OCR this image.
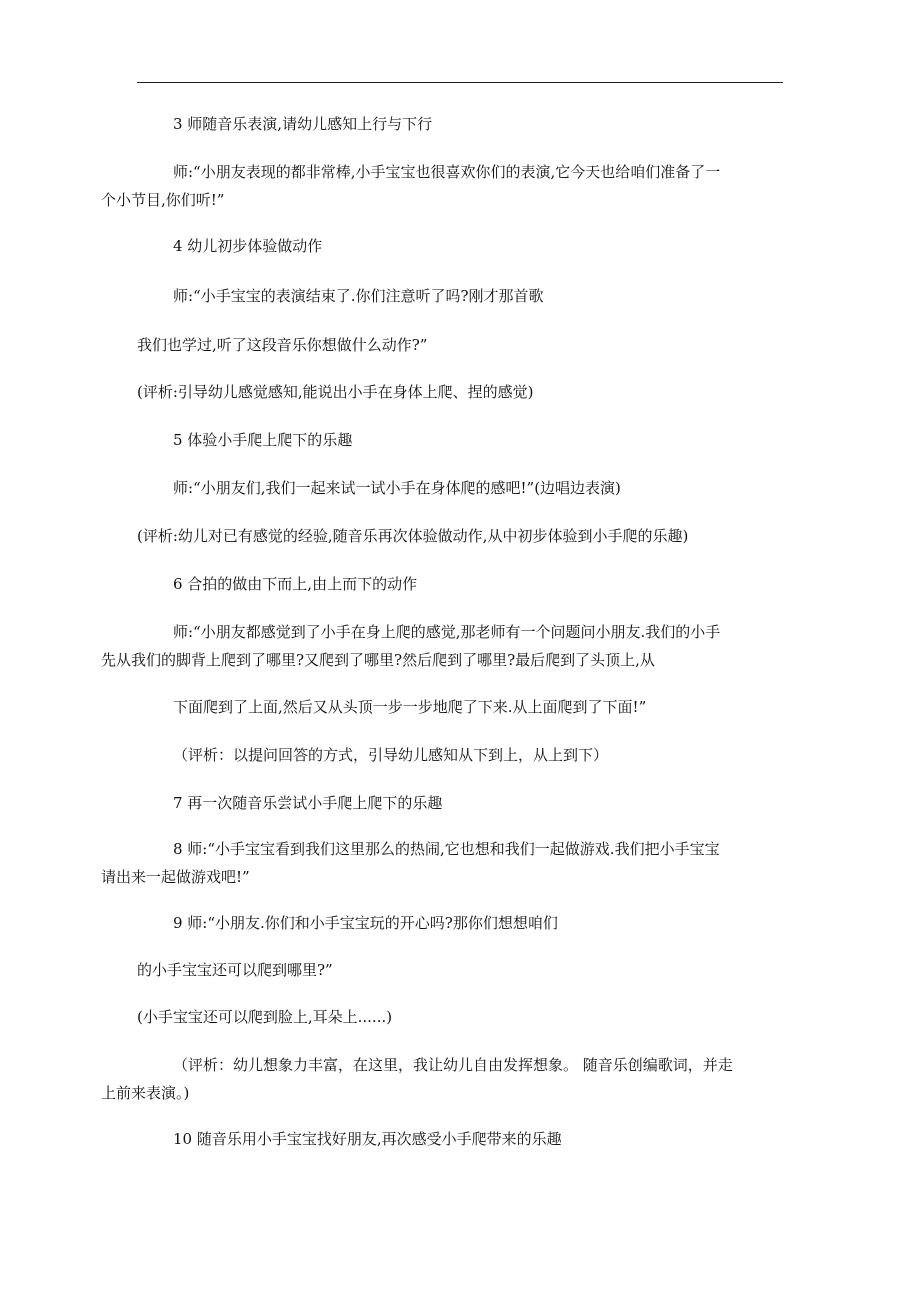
3 师随音乐表演,请幼儿感知上行与下行

师:“小朋友表现的都非常棒,小手宝宝也很喜欢你们的表演,它今天也给咱们准备了一
个小节目,你们听!”

4 幼儿初步体验做动作

师:“小手宝宝的表演结束了.你们注意听了吗?刚才那首歌

我们也学过,听了这段音乐你想做什么动作?”

(评析:引导幼儿感觉感知,能说出小手在身体上爬、捏的感觉)

5 体验小手爬上爬下的乐趣

师:“小朋友们,我们一起来试一试小手在身体爬的感吧!”(边唱边表演)

(评析:幼儿对已有感觉的经验,随音乐再次体验做动作,从中初步体验到小手爬的乐趣)

6 合拍的做由下而上,由上而下的动作

师:“小朋友都感觉到了小手在身上爬的感觉,那老师有一个问题问小朋友.我们的小手
先从我们的脚背上爬到了哪里?又爬到了哪里?然后爬到了哪里?最后爬到了头顶上,从

下面爬到了上面,然后又从头顶一步一步地爬了下来.从上面爬到了下面!”

（评析：以提问回答的方式，引导幼儿感知从下到上，从上到下）

7 再一次随音乐尝试小手爬上爬下的乐趣

8 师:“小手宝宝看到我们这里那么的热闹,它也想和我们一起做游戏.我们把小手宝宝
请出来一起做游戏吧!”

9 师:“小朋友.你们和小手宝宝玩的开心吗?那你们想想咱们

的小手宝宝还可以爬到哪里?”

(小手宝宝还可以爬到脸上,耳朵上......)

（评析：幼儿想象力丰富，在这里，我让幼儿自由发挥想象。 随音乐创编歌词，并走
上前来表演。)

10 随音乐用小手宝宝找好朋友,再次感受小手爬带来的乐趣
